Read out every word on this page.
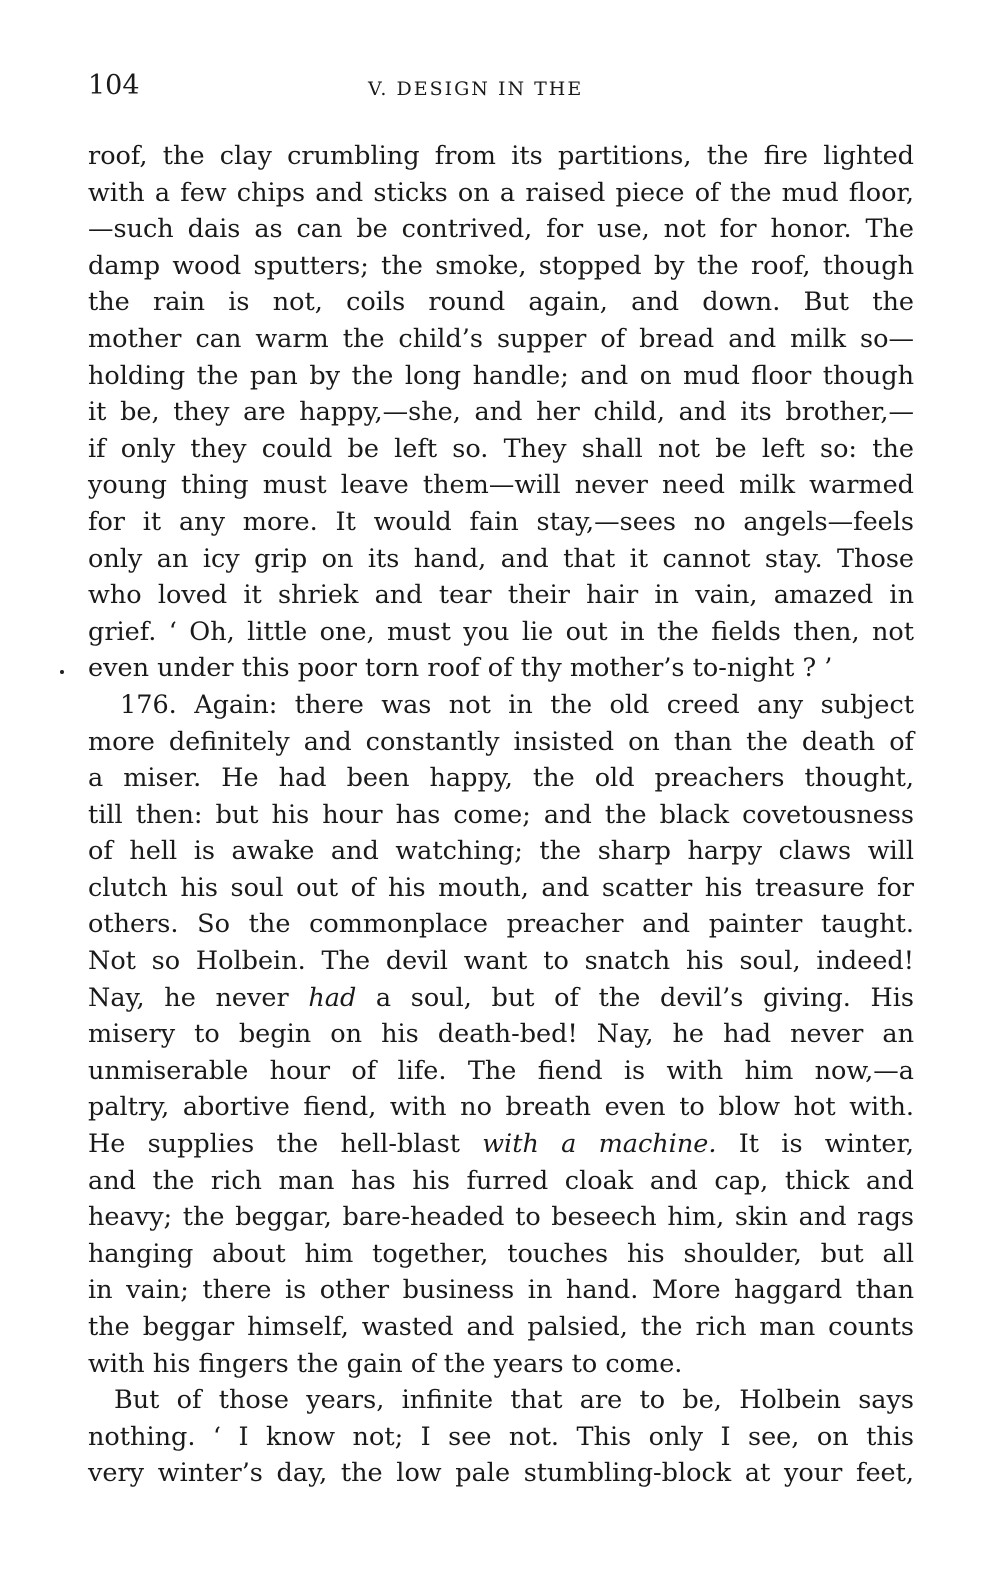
104	V. DESIGN IN THE
roof, the clay crumbling from its partitions, the fire lighted
with a few chips and sticks on a raised piece of the mud floor,
—such dais as can be contrived, for use, not for honor. The
damp wood sputters; the smoke, stopped by the roof, though
the rain is not, coils round again, and down. But the
mother can warm the child’s supper of bread and milk so—
holding the pan by the long handle; and on mud floor though
it be, they are happy,—she, and her child, and its brother,—
if only they could be left so. They shall not be left so: the
young thing must leave them—will never need milk warmed
for it any more. It would fain stay,—sees no angels—feels
only an icy grip on its hand, and that it cannot stay. Those
who loved it shriek and tear their hair in vain, amazed in
grief. ‘ Oh, little one, must you lie out in the fields then, not
even under this poor torn roof of thy mother’s to-night ? ’
176. Again: there was not in the old creed any subject
more definitely and constantly insisted on than the death of
a miser. He had been happy, the old preachers thought,
till then: but his hour has come; and the black covetousness
of hell is awake and watching; the sharp harpy claws will
clutch his soul out of his mouth, and scatter his treasure for
others. So the commonplace preacher and painter taught.
Not so Holbein. The devil want to snatch his soul, indeed!
Nay, he never had a soul, but of the devil’s giving. His
misery to begin on his death-bed! Nay, he had never an
unmiserable hour of life. The fiend is with him now,—a
paltry, abortive fiend, with no breath even to blow hot with.
He supplies the hell-blast with a machine. It is winter,
and the rich man has his furred cloak and cap, thick and
heavy; the beggar, bare-headed to beseech him, skin and rags
hanging about him together, touches his shoulder, but all
in vain; there is other business in hand. More haggard than
the beggar himself, wasted and palsied, the rich man counts
with his fingers the gain of the years to come.
But of those years, infinite that are to be, Holbein says
nothing. ‘ I know not; I see not. This only I see, on this
very winter’s day, the low pale stumbling-block at your feet,
